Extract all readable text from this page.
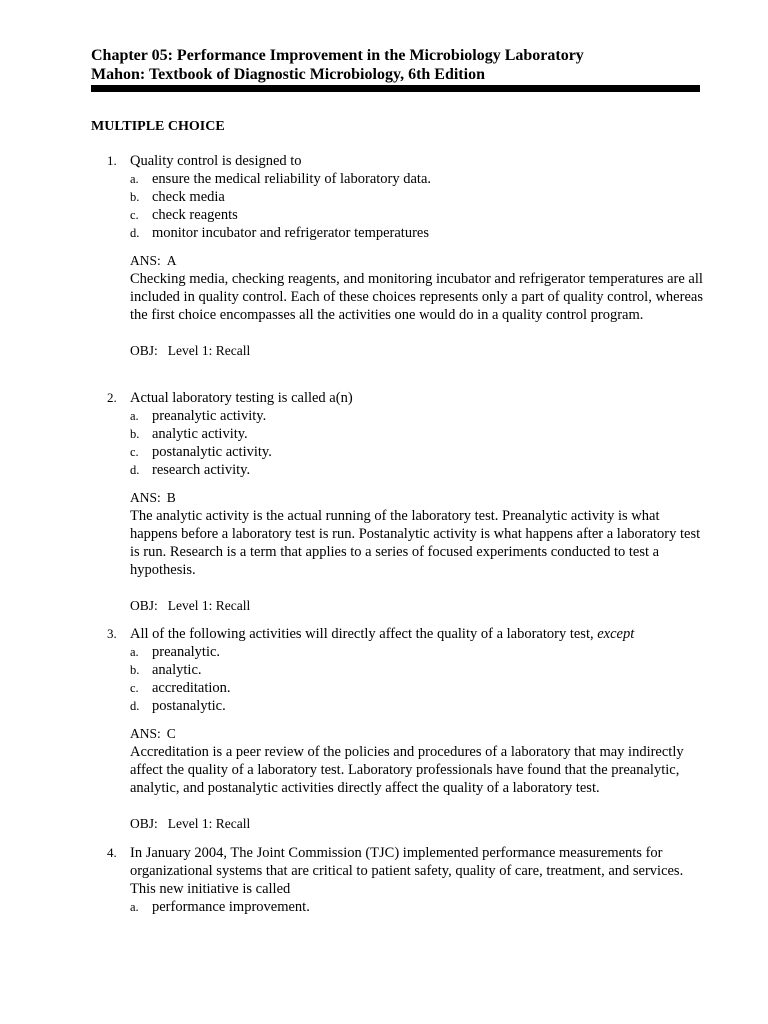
Chapter 05: Performance Improvement in the Microbiology Laboratory
Mahon: Textbook of Diagnostic Microbiology, 6th Edition
MULTIPLE CHOICE
1. Quality control is designed to
a. ensure the medical reliability of laboratory data.
b. check media
c. check reagents
d. monitor incubator and refrigerator temperatures
ANS: A
Checking media, checking reagents, and monitoring incubator and refrigerator temperatures are all included in quality control. Each of these choices represents only a part of quality control, whereas the first choice encompasses all the activities one would do in a quality control program.
OBJ: Level 1: Recall
2. Actual laboratory testing is called a(n)
a. preanalytic activity.
b. analytic activity.
c. postanalytic activity.
d. research activity.
ANS: B
The analytic activity is the actual running of the laboratory test. Preanalytic activity is what happens before a laboratory test is run. Postanalytic activity is what happens after a laboratory test is run. Research is a term that applies to a series of focused experiments conducted to test a hypothesis.
OBJ: Level 1: Recall
3. All of the following activities will directly affect the quality of a laboratory test, except
a. preanalytic.
b. analytic.
c. accreditation.
d. postanalytic.
ANS: C
Accreditation is a peer review of the policies and procedures of a laboratory that may indirectly affect the quality of a laboratory test. Laboratory professionals have found that the preanalytic, analytic, and postanalytic activities directly affect the quality of a laboratory test.
OBJ: Level 1: Recall
4. In January 2004, The Joint Commission (TJC) implemented performance measurements for organizational systems that are critical to patient safety, quality of care, treatment, and services. This new initiative is called
a. performance improvement.
